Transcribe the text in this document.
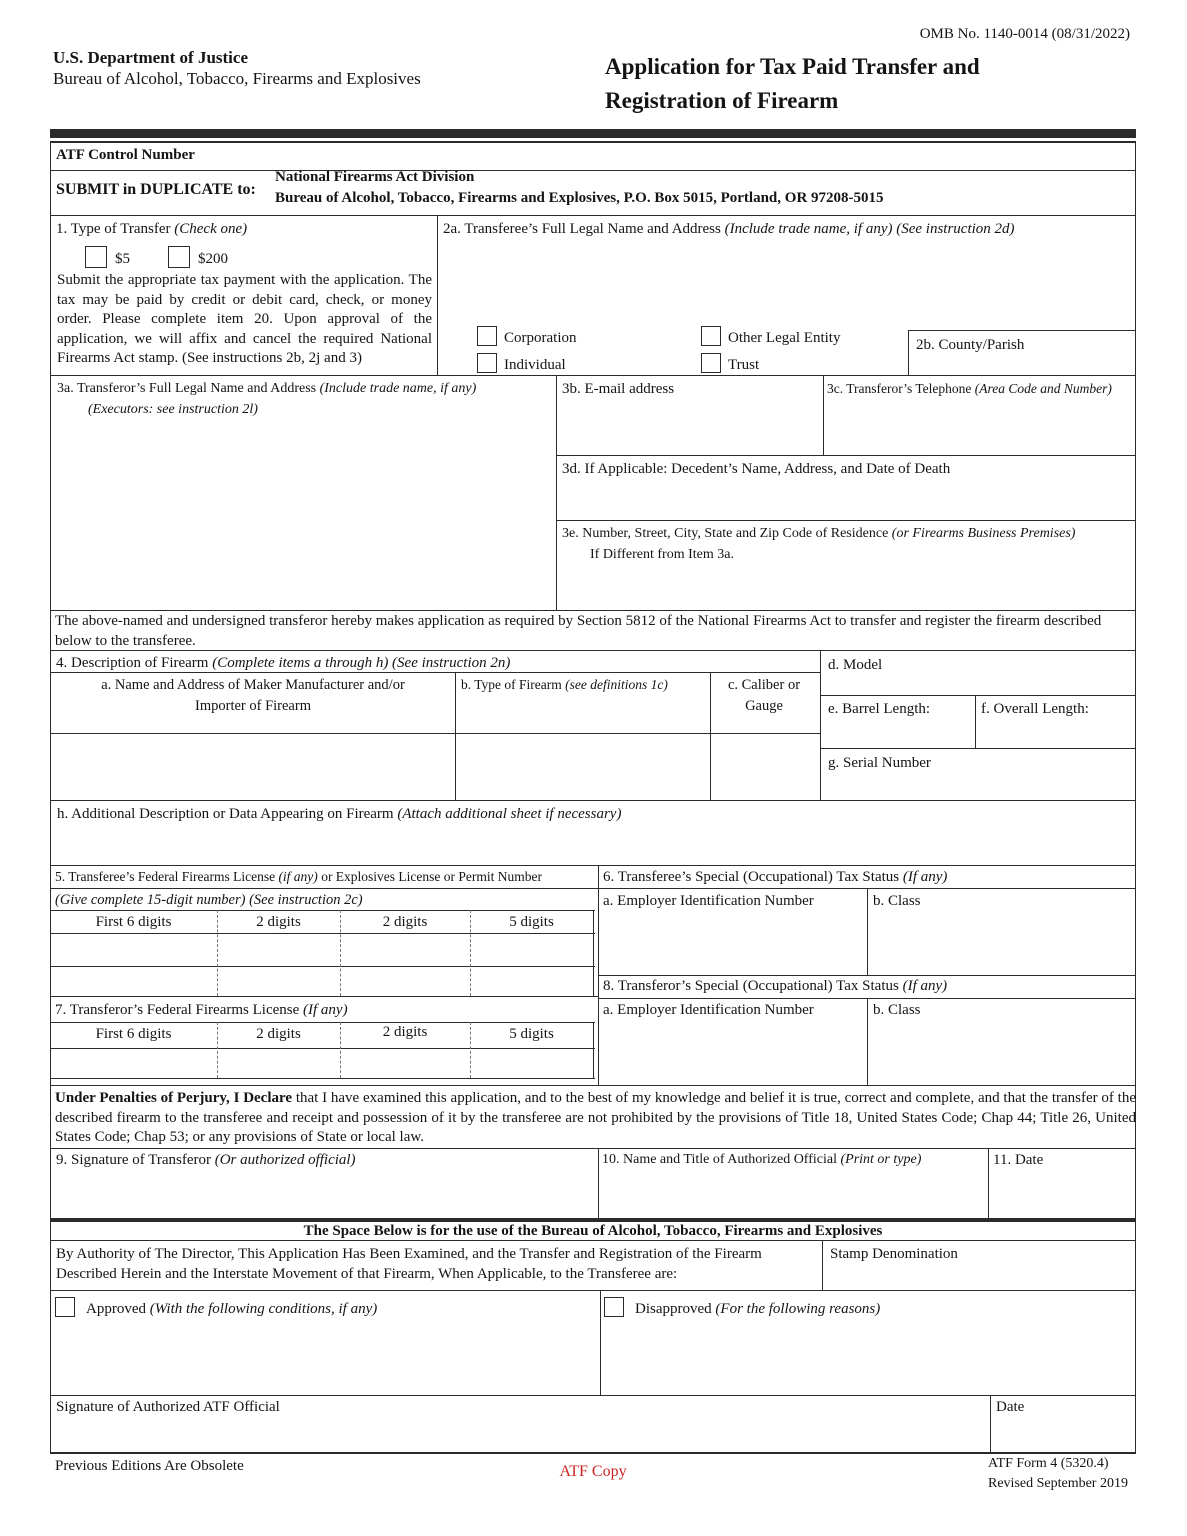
OMB No. 1140-0014 (08/31/2022)
U.S. Department of Justice
Bureau of Alcohol, Tobacco, Firearms and Explosives	Application for Tax Paid Transfer and
Registration of Firearm
ATF Control Number
SUBMIT in DUPLICATE to:
National Firearms Act Division
Bureau of Alcohol, Tobacco, Firearms and Explosives, P.O. Box 5015, Portland, OR 97208-5015
1. Type of Transfer (Check one)
$5	$200
Submit the appropriate tax payment with the application. The tax may be paid by credit or debit card, check, or money order. Please complete item 20. Upon approval of the application, we will affix and cancel the required National Firearms Act stamp. (See instructions 2b, 2j and 3)
2a. Transferee’s Full Legal Name and Address (Include trade name, if any) (See instruction 2d)
Corporation
Individual
Other Legal Entity
Trust
2b. County/Parish
3a. Transferor’s Full Legal Name and Address (Include trade name, if any)
(Executors: see instruction 2l)
3b. E-mail address	3c. Transferor’s Telephone (Area Code and Number)
3d. If Applicable: Decedent’s Name, Address, and Date of Death
3e. Number, Street, City, State and Zip Code of Residence (or Firearms Business Premises)
If Different from Item 3a.
The above-named and undersigned transferor hereby makes application as required by Section 5812 of the National Firearms Act to transfer and register the firearm described below to the transferee.
4. Description of Firearm (Complete items a through h) (See instruction 2n)
a. Name and Address of Maker Manufacturer and/or
Importer of Firearm
b. Type of Firearm (see definitions 1c)	c. Caliber or
Gauge
d. Model
e. Barrel Length:	f. Overall Length:
g. Serial Number
h. Additional Description or Data Appearing on Firearm (Attach additional sheet if necessary)
5. Transferee’s Federal Firearms License (if any) or Explosives License or Permit Number
(Give complete 15-digit number) (See instruction 2c)
First 6 digits	2 digits	2 digits	5 digits
7. Transferor’s Federal Firearms License (If any)
First 6 digits	2 digits	2 digits	5 digits
6. Transferee’s Special (Occupational) Tax Status (If any)
a. Employer Identification Number	b. Class
8. Transferor’s Special (Occupational) Tax Status (If any)
a. Employer Identification Number	b. Class
Under Penalties of Perjury, I Declare that I have examined this application, and to the best of my knowledge and belief it is true, correct and complete, and that the transfer of the described firearm to the transferee and receipt and possession of it by the transferee are not prohibited by the provisions of Title 18, United States Code; Chap 44; Title 26, United States Code; Chap 53; or any provisions of State or local law.
9. Signature of Transferor (Or authorized official)	10. Name and Title of Authorized Official (Print or type)	11. Date
The Space Below is for the use of the Bureau of Alcohol, Tobacco, Firearms and Explosives
By Authority of The Director, This Application Has Been Examined, and the Transfer and Registration of the Firearm Described Herein and the Interstate Movement of that Firearm, When Applicable, to the Transferee are:
Stamp Denomination
Approved (With the following conditions, if any)	Disapproved (For the following reasons)
Signature of Authorized ATF Official	Date
Previous Editions Are Obsolete	ATF Copy	ATF Form 4 (5320.4)
Revised September 2019
